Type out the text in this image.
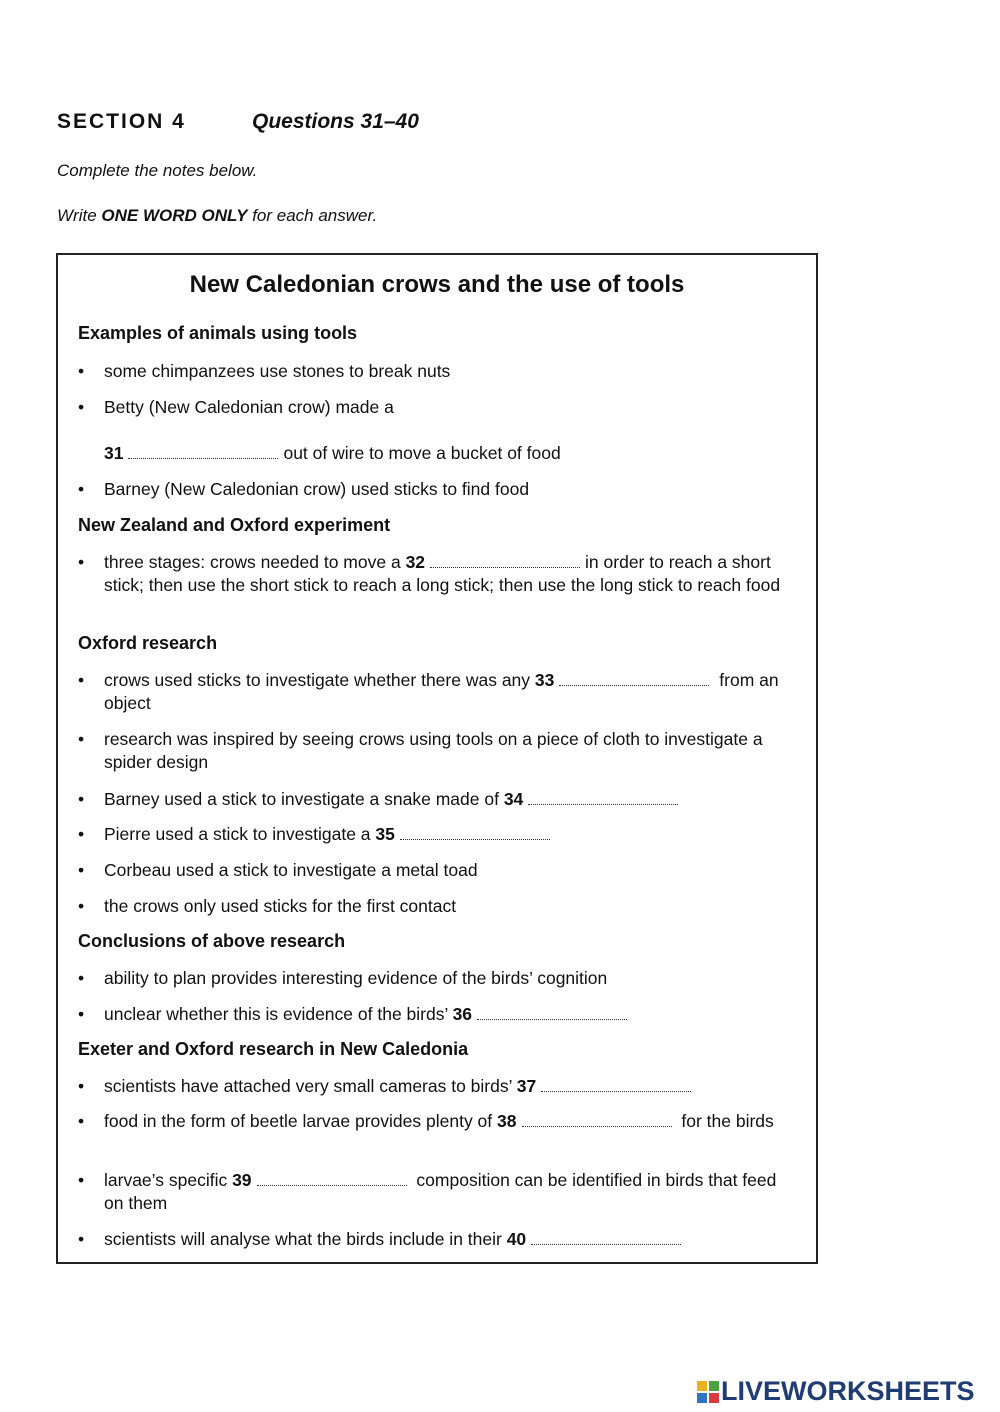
SECTION 4	Questions 31–40
Complete the notes below.
Write ONE WORD ONLY for each answer.
New Caledonian crows and the use of tools
Examples of animals using tools
• some chimpanzees use stones to break nuts
• Betty (New Caledonian crow) made a
31	out of wire to move a bucket of food
• Barney (New Caledonian crow) used sticks to find food
New Zealand and Oxford experiment
• three stages: crows needed to move a 32	in order to reach a short stick; then use the short stick to reach a long stick; then use the long stick to reach food
Oxford research
• crows used sticks to investigate whether there was any 33	from an object
• research was inspired by seeing crows using tools on a piece of cloth to investigate a spider design
• Barney used a stick to investigate a snake made of 34
• Pierre used a stick to investigate a 35
• Corbeau used a stick to investigate a metal toad
• the crows only used sticks for the first contact
Conclusions of above research
• ability to plan provides interesting evidence of the birds’ cognition
• unclear whether this is evidence of the birds’ 36
Exeter and Oxford research in New Caledonia
• scientists have attached very small cameras to birds’ 37
• food in the form of beetle larvae provides plenty of 38	for the birds
• larvae’s specific 39	composition can be identified in birds that feed on them
• scientists will analyse what the birds include in their 40
LIVEWORKSHEETS
